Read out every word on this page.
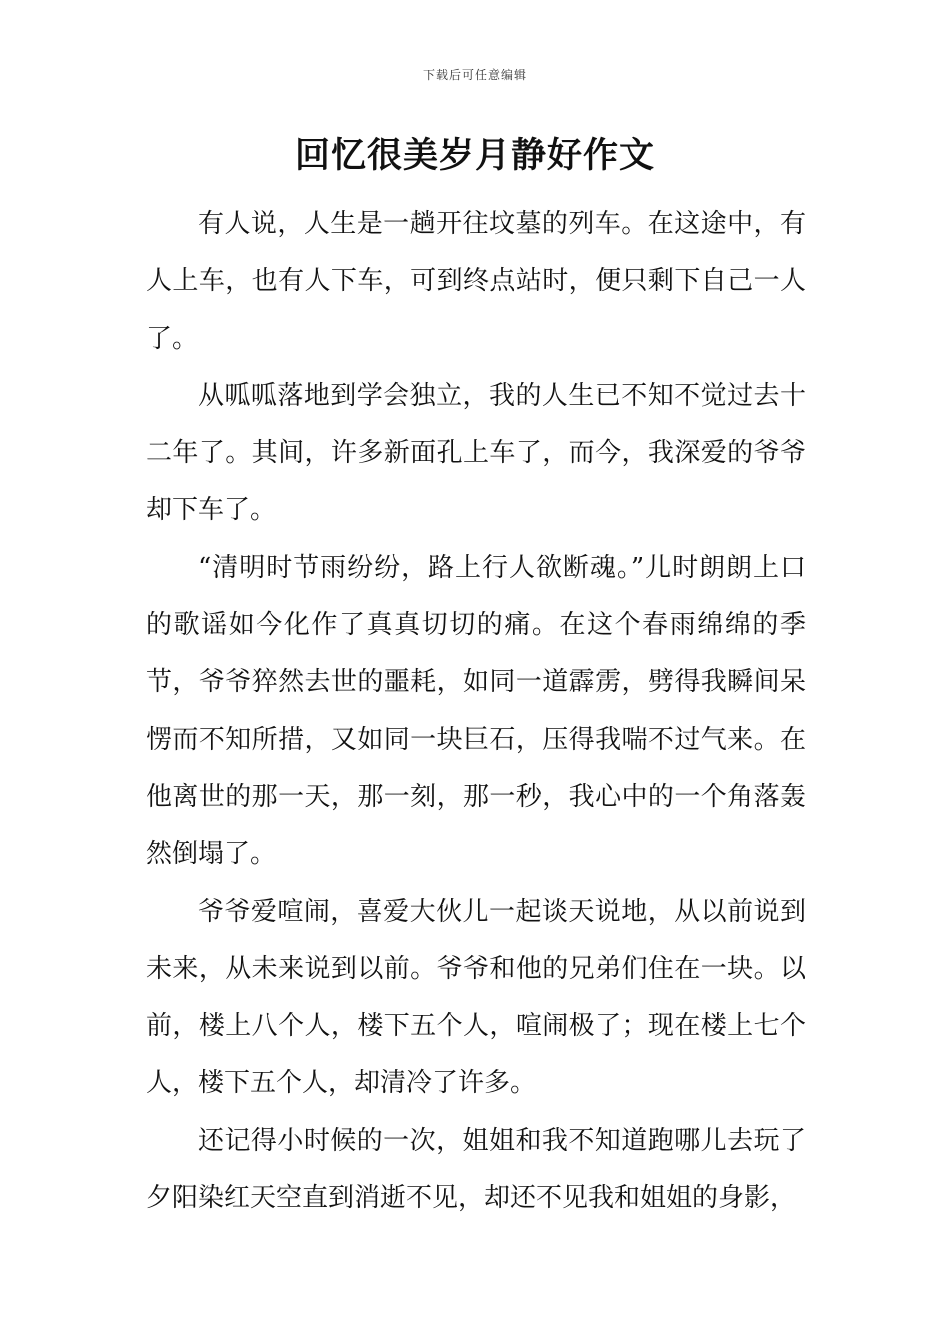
下载后可任意编辑
回忆很美岁月静好作文

有人说，人生是一趟开往坟墓的列车。在这途中，有人上车，也有人下车，可到终点站时，便只剩下自己一人了。

从呱呱落地到学会独立，我的人生已不知不觉过去十二年了。其间，许多新面孔上车了，而今，我深爱的爷爷却下车了。

“清明时节雨纷纷，路上行人欲断魂。”儿时朗朗上口的歌谣如今化作了真真切切的痛。在这个春雨绵绵的季节，爷爷猝然去世的噩耗，如同一道霹雳，劈得我瞬间呆愣而不知所措，又如同一块巨石，压得我喘不过气来。在他离世的那一天，那一刻，那一秒，我心中的一个角落轰然倒塌了。

爷爷爱喧闹，喜爱大伙儿一起谈天说地，从以前说到未来，从未来说到以前。爷爷和他的兄弟们住在一块。以前，楼上八个人，楼下五个人，喧闹极了；现在楼上七个人，楼下五个人，却清冷了许多。

还记得小时候的一次，姐姐和我不知道跑哪儿去玩了夕阳染红天空直到消逝不见，却还不见我和姐姐的身影，
